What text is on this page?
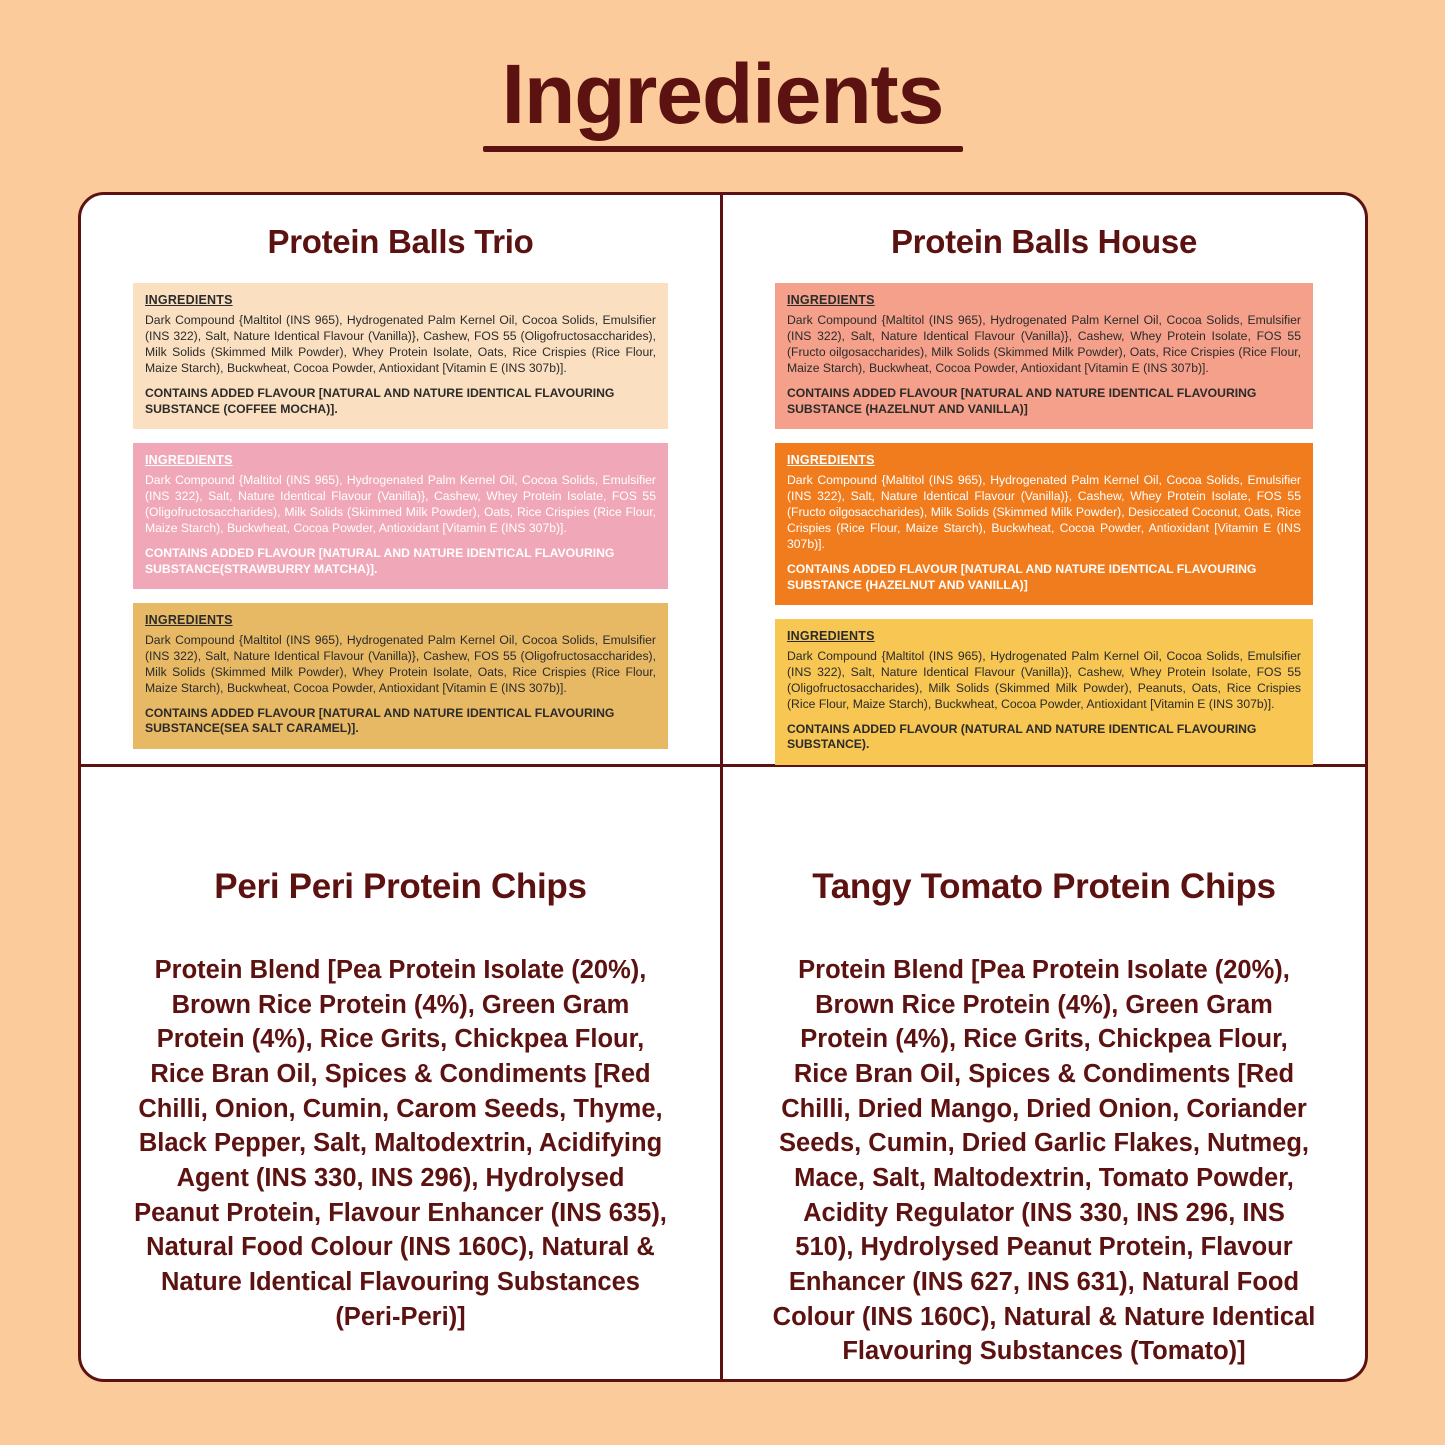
Ingredients
Protein Balls Trio
INGREDIENTS
Dark Compound {Maltitol (INS 965), Hydrogenated Palm Kernel Oil, Cocoa Solids, Emulsifier (INS 322), Salt, Nature Identical Flavour (Vanilla)}, Cashew, FOS 55 (Oligofructosaccharides), Milk Solids (Skimmed Milk Powder), Whey Protein Isolate, Oats, Rice Crispies (Rice Flour, Maize Starch), Buckwheat, Cocoa Powder, Antioxidant [Vitamin E (INS 307b)].
CONTAINS ADDED FLAVOUR [NATURAL AND NATURE IDENTICAL FLAVOURING SUBSTANCE (COFFEE MOCHA)].
INGREDIENTS
Dark Compound {Maltitol (INS 965), Hydrogenated Palm Kernel Oil, Cocoa Solids, Emulsifier (INS 322), Salt, Nature Identical Flavour (Vanilla)}, Cashew, Whey Protein Isolate, FOS 55 (Oligofructosaccharides), Milk Solids (Skimmed Milk Powder), Oats, Rice Crispies (Rice Flour, Maize Starch), Buckwheat, Cocoa Powder, Antioxidant [Vitamin E (INS 307b)].
CONTAINS ADDED FLAVOUR [NATURAL AND NATURE IDENTICAL FLAVOURING SUBSTANCE(STRAWBURRY MATCHA)].
INGREDIENTS
Dark Compound {Maltitol (INS 965), Hydrogenated Palm Kernel Oil, Cocoa Solids, Emulsifier (INS 322), Salt, Nature Identical Flavour (Vanilla)}, Cashew, FOS 55 (Oligofructosaccharides), Milk Solids (Skimmed Milk Powder), Whey Protein Isolate, Oats, Rice Crispies (Rice Flour, Maize Starch), Buckwheat, Cocoa Powder, Antioxidant [Vitamin E (INS 307b)].
CONTAINS ADDED FLAVOUR [NATURAL AND NATURE IDENTICAL FLAVOURING SUBSTANCE(SEA SALT CARAMEL)].
Protein Balls House
INGREDIENTS
Dark Compound {Maltitol (INS 965), Hydrogenated Palm Kernel Oil, Cocoa Solids, Emulsifier (INS 322), Salt, Nature Identical Flavour (Vanilla)}, Cashew, Whey Protein Isolate, FOS 55 (Fructo oilgosaccharides), Milk Solids (Skimmed Milk Powder), Oats, Rice Crispies (Rice Flour, Maize Starch), Buckwheat, Cocoa Powder, Antioxidant [Vitamin E (INS 307b)].
CONTAINS ADDED FLAVOUR [NATURAL AND NATURE IDENTICAL FLAVOURING SUBSTANCE (HAZELNUT AND VANILLA)]
INGREDIENTS
Dark Compound {Maltitol (INS 965), Hydrogenated Palm Kernel Oil, Cocoa Solids, Emulsifier (INS 322), Salt, Nature Identical Flavour (Vanilla)}, Cashew, Whey Protein Isolate, FOS 55 (Fructo oilgosaccharides), Milk Solids (Skimmed Milk Powder), Desiccated Coconut, Oats, Rice Crispies (Rice Flour, Maize Starch), Buckwheat, Cocoa Powder, Antioxidant [Vitamin E (INS 307b)].
CONTAINS ADDED FLAVOUR [NATURAL AND NATURE IDENTICAL FLAVOURING SUBSTANCE (HAZELNUT AND VANILLA)]
INGREDIENTS
Dark Compound {Maltitol (INS 965), Hydrogenated Palm Kernel Oil, Cocoa Solids, Emulsifier (INS 322), Salt, Nature Identical Flavour (Vanilla)}, Cashew, Whey Protein Isolate, FOS 55 (Oligofructosaccharides), Milk Solids (Skimmed Milk Powder), Peanuts, Oats, Rice Crispies (Rice Flour, Maize Starch), Buckwheat, Cocoa Powder, Antioxidant [Vitamin E (INS 307b)].
CONTAINS ADDED FLAVOUR (NATURAL AND NATURE IDENTICAL FLAVOURING SUBSTANCE).
Peri Peri Protein Chips
Protein Blend [Pea Protein Isolate (20%), Brown Rice Protein (4%), Green Gram Protein (4%), Rice Grits, Chickpea Flour, Rice Bran Oil, Spices & Condiments [Red Chilli, Onion, Cumin, Carom Seeds, Thyme, Black Pepper, Salt, Maltodextrin, Acidifying Agent (INS 330, INS 296), Hydrolysed Peanut Protein, Flavour Enhancer (INS 635), Natural Food Colour (INS 160C), Natural & Nature Identical Flavouring Substances (Peri-Peri)]
Tangy Tomato Protein Chips
Protein Blend [Pea Protein Isolate (20%), Brown Rice Protein (4%), Green Gram Protein (4%), Rice Grits, Chickpea Flour, Rice Bran Oil, Spices & Condiments [Red Chilli, Dried Mango, Dried Onion, Coriander Seeds, Cumin, Dried Garlic Flakes, Nutmeg, Mace, Salt, Maltodextrin, Tomato Powder, Acidity Regulator (INS 330, INS 296, INS 510), Hydrolysed Peanut Protein, Flavour Enhancer (INS 627, INS 631), Natural Food Colour (INS 160C), Natural & Nature Identical Flavouring Substances (Tomato)]
